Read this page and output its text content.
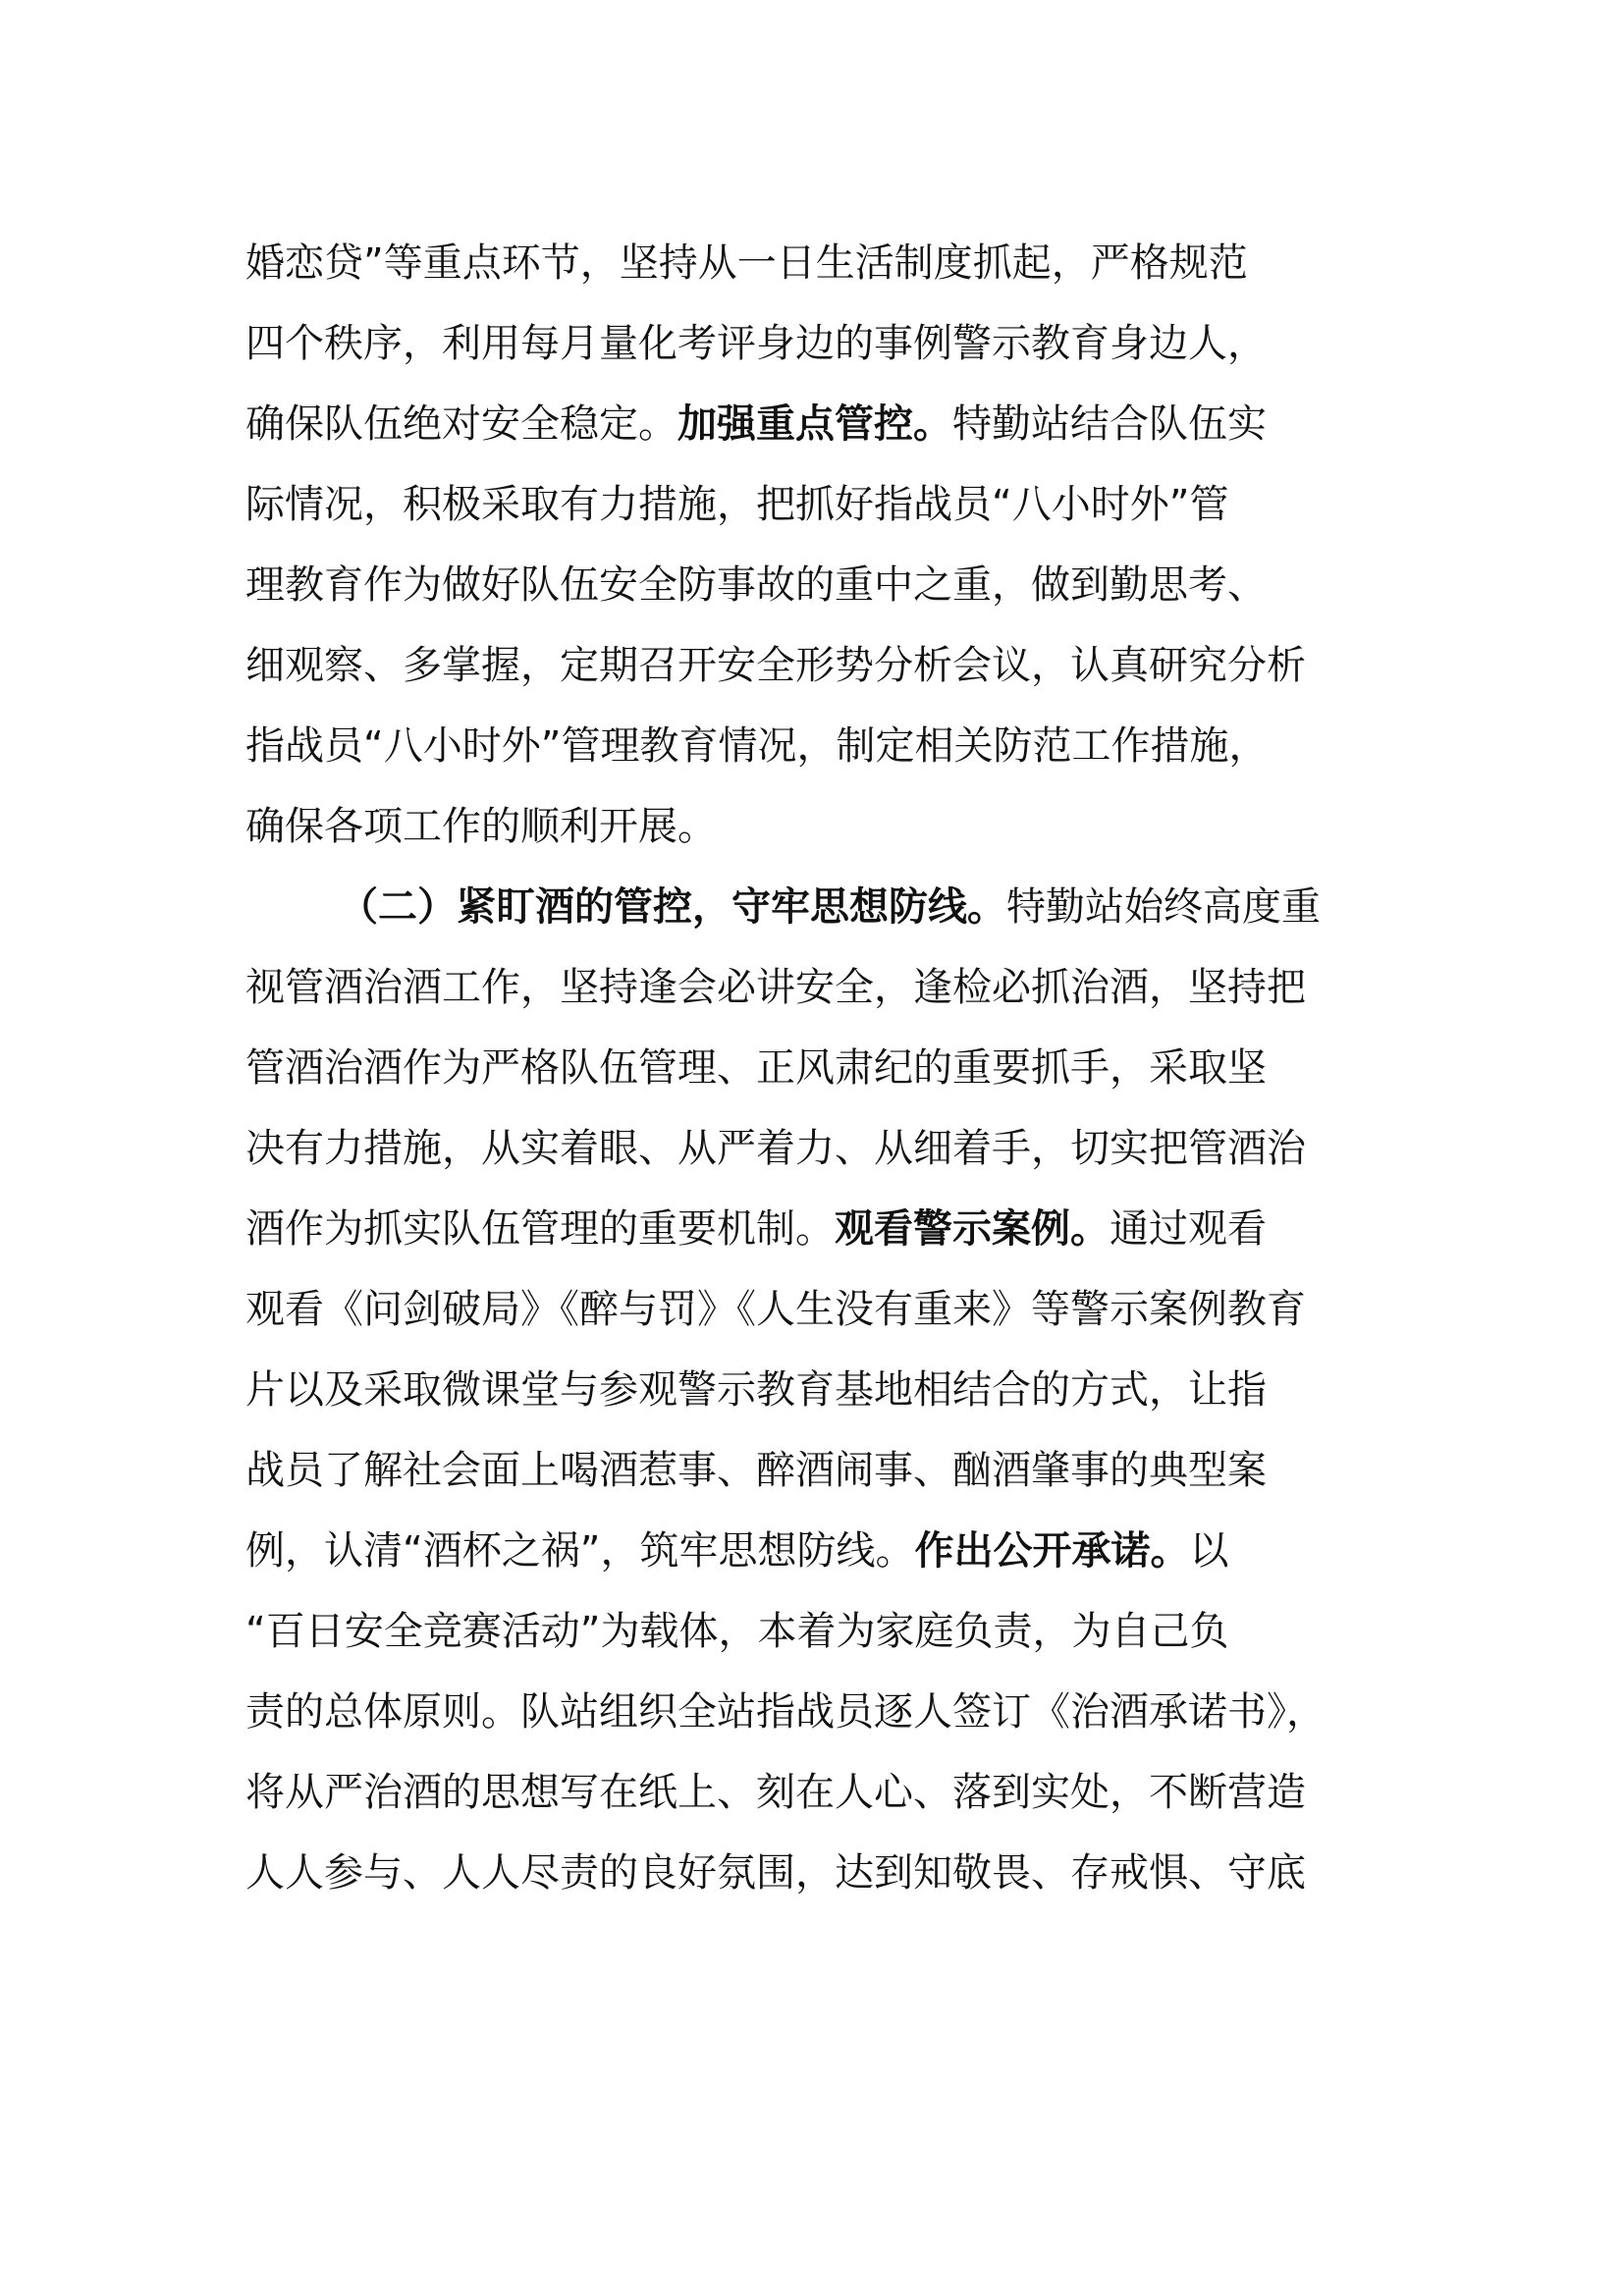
婚恋贷”等重点环节，坚持从一日生活制度抓起，严格规范
四个秩序，利用每月量化考评身边的事例警示教育身边人，
确保队伍绝对安全稳定。加强重点管控。特勤站结合队伍实
际情况，积极采取有力措施，把抓好指战员“八小时外”管
理教育作为做好队伍安全防事故的重中之重，做到勤思考、
细观察、多掌握，定期召开安全形势分析会议，认真研究分析
指战员“八小时外”管理教育情况，制定相关防范工作措施，
确保各项工作的顺利开展。
（二）紧盯酒的管控，守牢思想防线。特勤站始终高度重
视管酒治酒工作，坚持逢会必讲安全，逢检必抓治酒，坚持把
管酒治酒作为严格队伍管理、正风肃纪的重要抓手，采取坚
决有力措施，从实着眼、从严着力、从细着手，切实把管酒治
酒作为抓实队伍管理的重要机制。观看警示案例。通过观看
观看《问剑破局》《醉与罚》《人生没有重来》等警示案例教育
片以及采取微课堂与参观警示教育基地相结合的方式，让指
战员了解社会面上喝酒惹事、醉酒闹事、酗酒肇事的典型案
例，认清“酒杯之祸”，筑牢思想防线。作出公开承诺。以
“百日安全竞赛活动”为载体，本着为家庭负责，为自己负
责的总体原则。队站组织全站指战员逐人签订《治酒承诺书》，
将从严治酒的思想写在纸上、刻在人心、落到实处，不断营造
人人参与、人人尽责的良好氛围，达到知敬畏、存戒惧、守底
